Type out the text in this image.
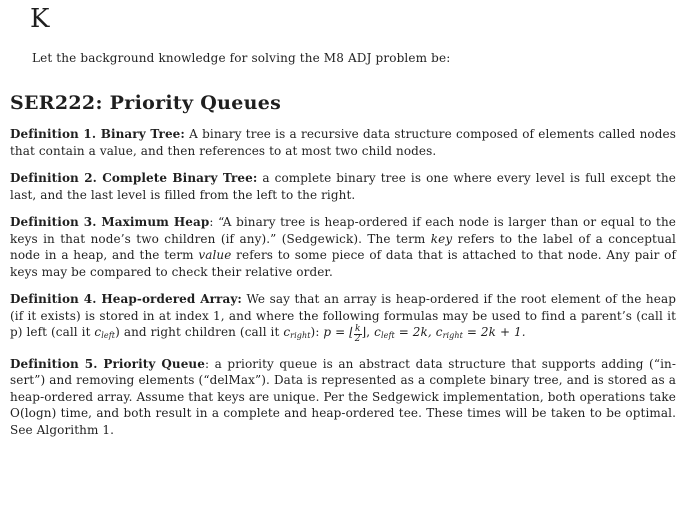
K
Let the background knowledge for solving the M8 ADJ problem be:
SER222: Priority Queues

Definition 1. Binary Tree: A binary tree is a recursive data structure composed of elements called nodes that contain a value, and then references to at most two child nodes.

Definition 2. Complete Binary Tree: a complete binary tree is one where every level is full except the last, and the last level is filled from the left to the right.

Definition 3. Maximum Heap: “A binary tree is heap-ordered if each node is larger than or equal to the keys in that node’s two children (if any).” (Sedgewick). The term key refers to the label of a conceptual node in a heap, and the term value refers to some piece of data that is attached to that node. Any pair of keys may be compared to check their relative order.

Definition 4. Heap-ordered Array: We say that an array is heap-ordered if the root element of the heap (if it exists) is stored in at index 1, and where the following formulas may be used to find a parent’s (call it p) left (call it $c_{left}$) and right children (call it $c_{right}$): p = ⌊ $\frac{k}{2}$ ⌋, $c_{left} = 2k$, $c_{right} = 2k + 1$.

Definition 5. Priority Queue: a priority queue is an abstract data structure that supports adding (“in-sert”) and removing elements (“delMax”). Data is represented as a complete binary tree, and is stored as a heap-ordered array. Assume that keys are unique. Per the Sedgewick implementation, both operations take O(logn) time, and both result in a complete and heap-ordered tee. These times will be taken to be optimal. See Algorithm 1.
